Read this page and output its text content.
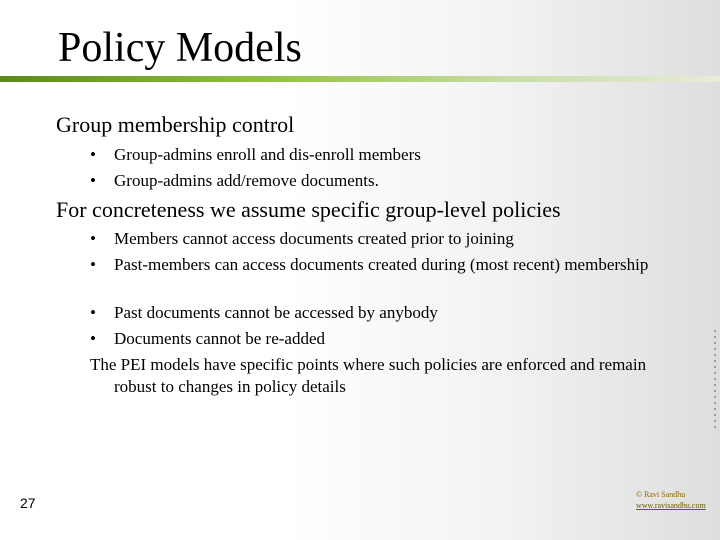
Policy Models
Group membership control
• Group-admins enroll and dis-enroll members
• Group-admins add/remove documents.
For concreteness we assume specific group-level policies
• Members cannot access documents created prior to joining
• Past-members can access documents created during (most recent) membership
• Past documents cannot be accessed by anybody
• Documents cannot be re-added
The PEI models have specific points where such policies are enforced and remain robust to changes in policy details
27
© Ravi Sandhu
www.ravisandhu.com
